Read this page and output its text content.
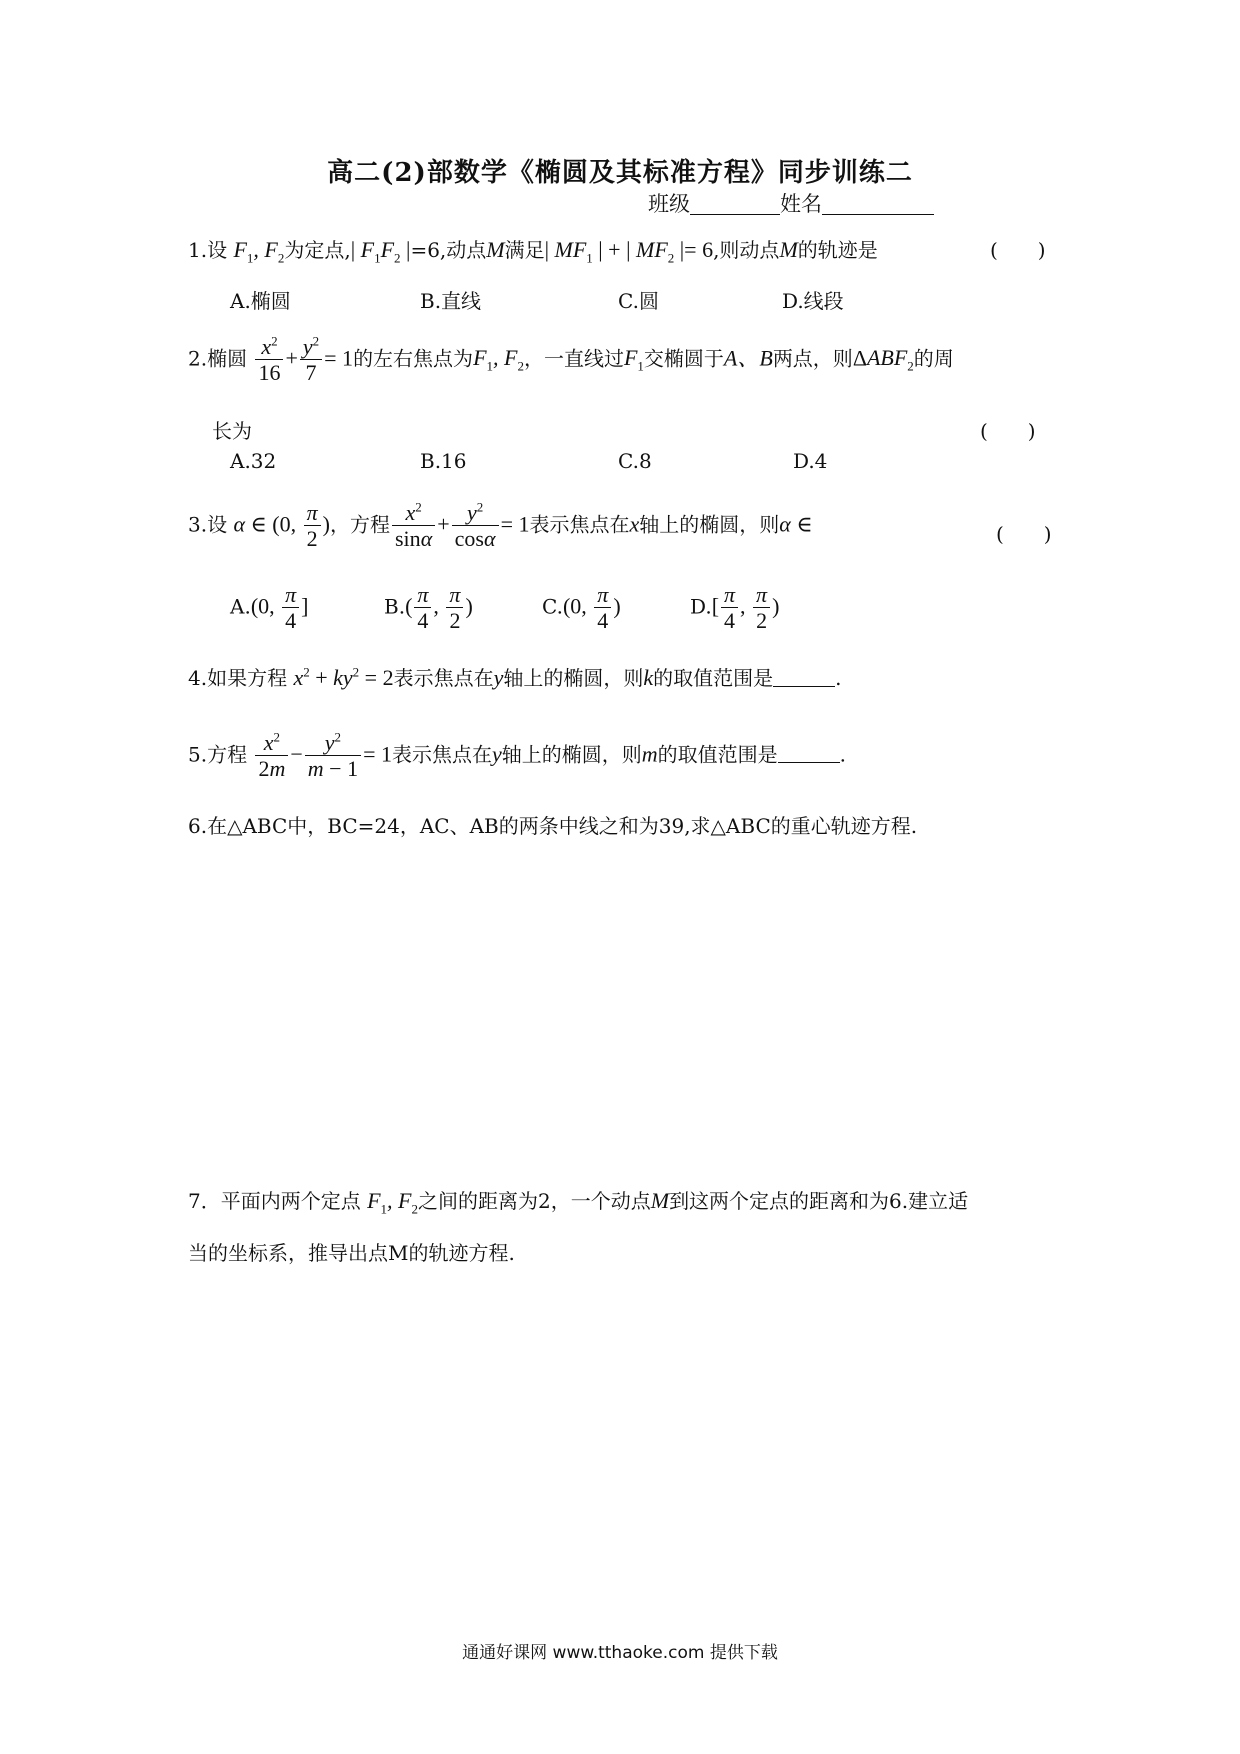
高二(2)部数学《椭圆及其标准方程》同步训练二
班级	姓名
1.设 $F_1$, $F_2$为定点,| $F_1F_2$ |=6,动点M满足| $MF_1$ | + | $MF_2$ |= 6,则动点M的轨迹是	(　　)
A.椭圆	B.直线	C.圆	D.线段
2.椭圆 $\frac{x^2}{16} + \frac{y^2}{7} = 1$的左右焦点为$F_1$, $F_2$，一直线过$F_1$交椭圆于A、B两点，则$\Delta ABF_2$的周
长为	(　　)
A.32	B.16	C.8	D.4
3.设 α ∈ (0, $\frac{\pi}{2}$ )，方程 $\frac{x^2}{\sin\alpha} + \frac{y^2}{\cos\alpha} = 1$表示焦点在x轴上的椭圆，则α ∈	(　　)
A.(0, $\frac{\pi}{4}$ ]	$B.( \frac{\pi}{4}$ , $\frac{\pi}{2}$ )	C.(0, $\frac{\pi}{4}$ )	$D.[ \frac{\pi}{4}$ , $\frac{\pi}{2}$ )
4.如果方程 $x^2 + ky^2 = 2$表示焦点在y轴上的椭圆，则k的取值范围是	.
5.方程 $\frac{x^2}{2m} - \frac{y^2}{m - 1} = 1$表示焦点在y轴上的椭圆，则m的取值范围是	.
6.在△ABC中，BC=24，AC、AB的两条中线之和为39,求△ABC的重心轨迹方程.
7．平面内两个定点 $F_1$, $F_2$之间的距离为2，一个动点M到这两个定点的距离和为6.建立适
当的坐标系，推导出点M的轨迹方程.
通通好课网 www.tthaoke.com 提供下载
